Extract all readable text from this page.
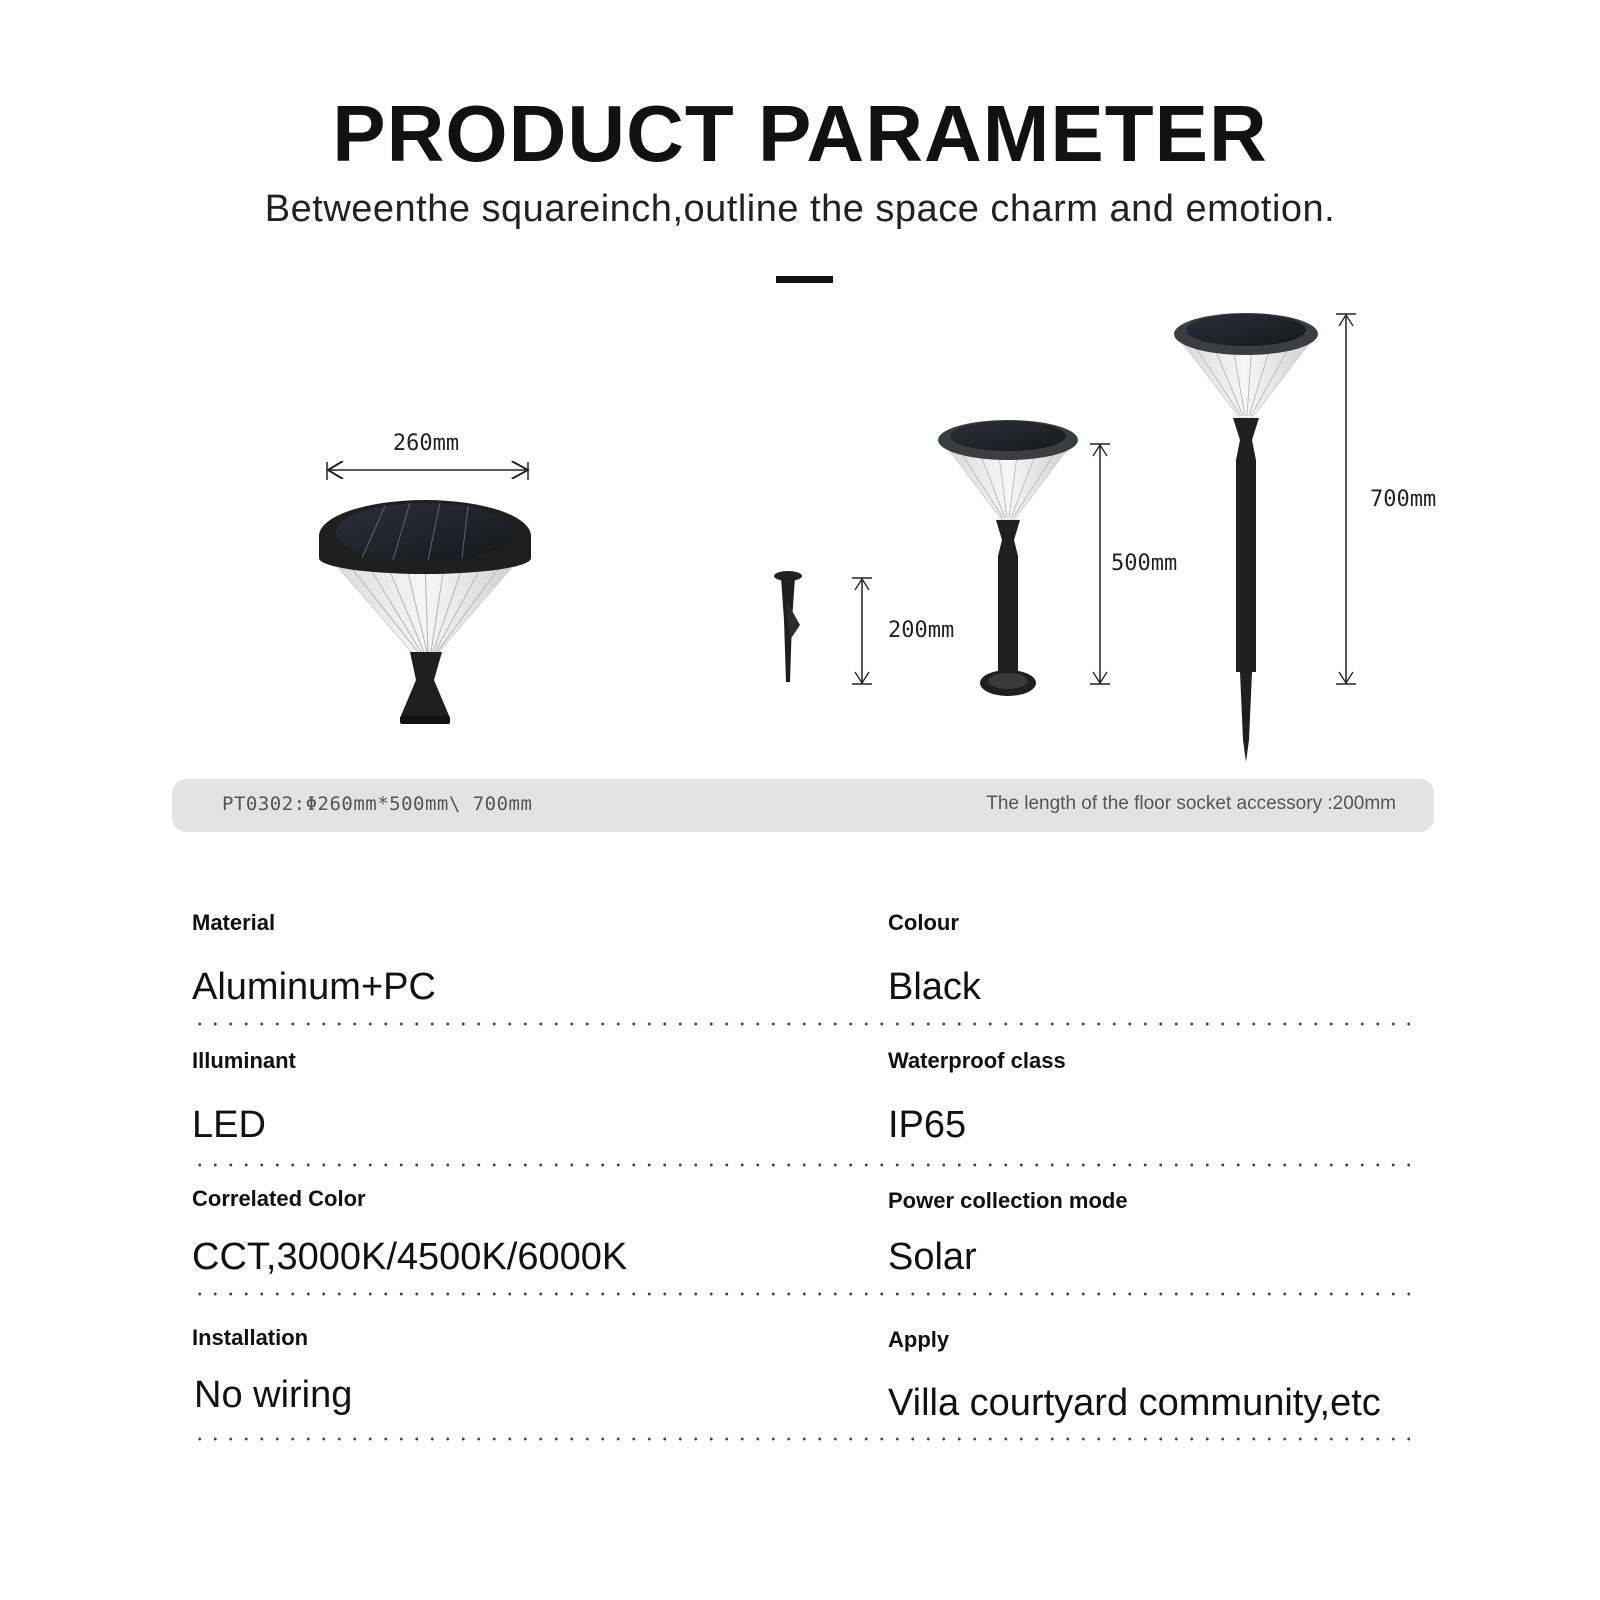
PRODUCT PARAMETER
Betweenthe squareinch,outline the space charm and emotion.
260mm
200mm
500mm
700mm
PT0302:Φ260mm*500mm\ 700mm	The length of the floor socket accessory :200mm
Material	Colour
Aluminum+PC	Black
Illuminant	Waterproof class
LED	IP65
Correlated Color	Power collection mode
CCT,3000K/4500K/6000K	Solar
Installation	Apply
No wiring	Villa courtyard community,etc
